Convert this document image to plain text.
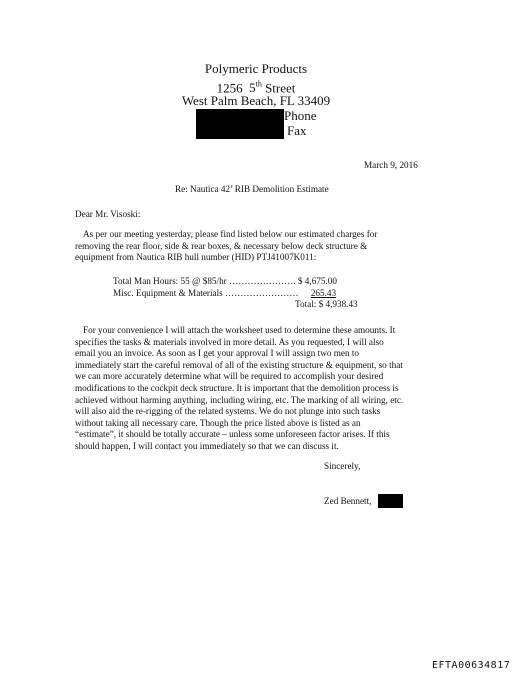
Polymeric Products
1256 5th Street
West Palm Beach, FL 33409
Phone
Fax
March 9, 2016
Re: Nautica 42’ RIB Demolition Estimate
Dear Mr. Visoski:
As per our meeting yesterday, please find listed below our estimated charges for
removing the rear floor, side & rear boxes, & necessary below deck structure &
equipment from Nautica RIB hull number (HID) PTJ41007K011:
Total Man Hours: 55 @ $85/hr …………………. $ 4,675.00
Misc. Equipment & Materials …………………… 265.43
Total: $ 4,938.43
For your convenience I will attach the worksheet used to determine these amounts. It
specifies the tasks & materials involved in more detail. As you requested, I will also
email you an invoice. As soon as I get your approval I will assign two men to
immediately start the careful removal of all of the existing structure & equipment, so that
we can more accurately determine what will be required to accomplish your desired
modifications to the cockpit deck structure. It is important that the demolition process is
achieved without harming anything, including wiring, etc. The marking of all wiring, etc.
will also aid the re-rigging of the related systems. We do not plunge into such tasks
without taking all necessary care. Though the price listed above is listed as an
“estimate”, it should be totally accurate – unless some unforeseen factor arises. If this
should happen, I will contact you immediately so that we can discuss it.
Sincerely,
Zed Bennett,
EFTA00634817
